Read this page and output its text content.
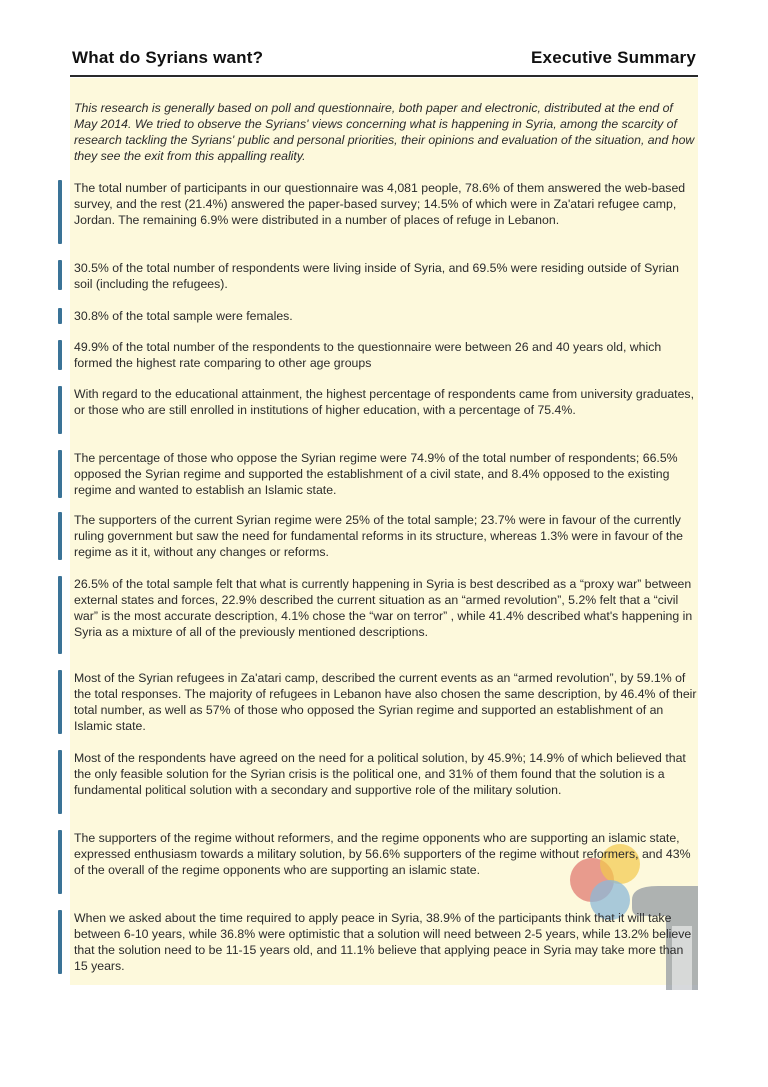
What do Syrians want?	Executive Summary

This research is generally based on poll and questionnaire, both paper and electronic, distributed at the end of May 2014. We tried to observe the Syrians' views concerning what is happening in Syria, among the scarcity of research tackling the Syrians' public and personal priorities, their opinions and evaluation of the situation, and how they see the exit from this appalling reality.

The total number of participants in our questionnaire was 4,081 people, 78.6% of them answered the web-based survey, and the rest (21.4%) answered the paper-based survey; 14.5% of which were in Za'atari refugee camp, Jordan. The remaining 6.9% were distributed in a number of places of refuge in Lebanon.

30.5% of the total number of respondents were living inside of Syria, and 69.5% were residing outside of Syrian soil (including the refugees).

30.8% of the total sample were females.

49.9% of the total number of the respondents to the questionnaire were between 26 and 40 years old, which formed the highest rate comparing to other age groups

With regard to the educational attainment, the highest percentage of respondents came from university graduates, or those who are still enrolled in institutions of higher education, with a percentage of 75.4%.

The percentage of those who oppose the Syrian regime were 74.9% of the total number of respondents; 66.5% opposed the Syrian regime and supported the establishment of a civil state, and 8.4% opposed to the existing regime and wanted to establish an Islamic state.

The supporters of the current Syrian regime were 25% of the total sample; 23.7% were in favour of the currently ruling government but saw the need for fundamental reforms in its structure, whereas 1.3% were in favour of the regime as it it, without any changes or reforms.

26.5% of the total sample felt that what is currently happening in Syria is best described as a “proxy war” between external states and forces, 22.9% described the current situation as an “armed revolution”, 5.2% felt that a “civil war” is the most accurate description, 4.1% chose the “war on terror” , while 41.4% described what's happening in Syria as a mixture of all of the previously mentioned descriptions.

Most of the Syrian refugees in Za'atari camp, described the current events as an “armed revolution”, by 59.1% of the total responses. The majority of refugees in Lebanon have also chosen the same description, by 46.4% of their total number, as well as 57% of those who opposed the Syrian regime and supported an establishment of an Islamic state.

Most of the respondents have agreed on the need for a political solution, by 45.9%; 14.9% of which believed that the only feasible solution for the Syrian crisis is the political one, and 31% of them found that the solution is a fundamental political solution with a secondary and supportive role of the military solution.

The supporters of the regime without reformers, and the regime opponents who are supporting an islamic state, expressed enthusiasm towards a military solution, by 56.6% supporters of the regime without reformers, and 43% of the overall of the regime opponents who are supporting an islamic state.

When we asked about the time required to apply peace in Syria, 38.9% of the participants think that it will take between 6-10 years, while 36.8% were optimistic that a solution will need between 2-5 years, while 13.2% believe that the solution need to be 11-15 years old, and 11.1% believe that applying peace in Syria may take more than 15 years.
